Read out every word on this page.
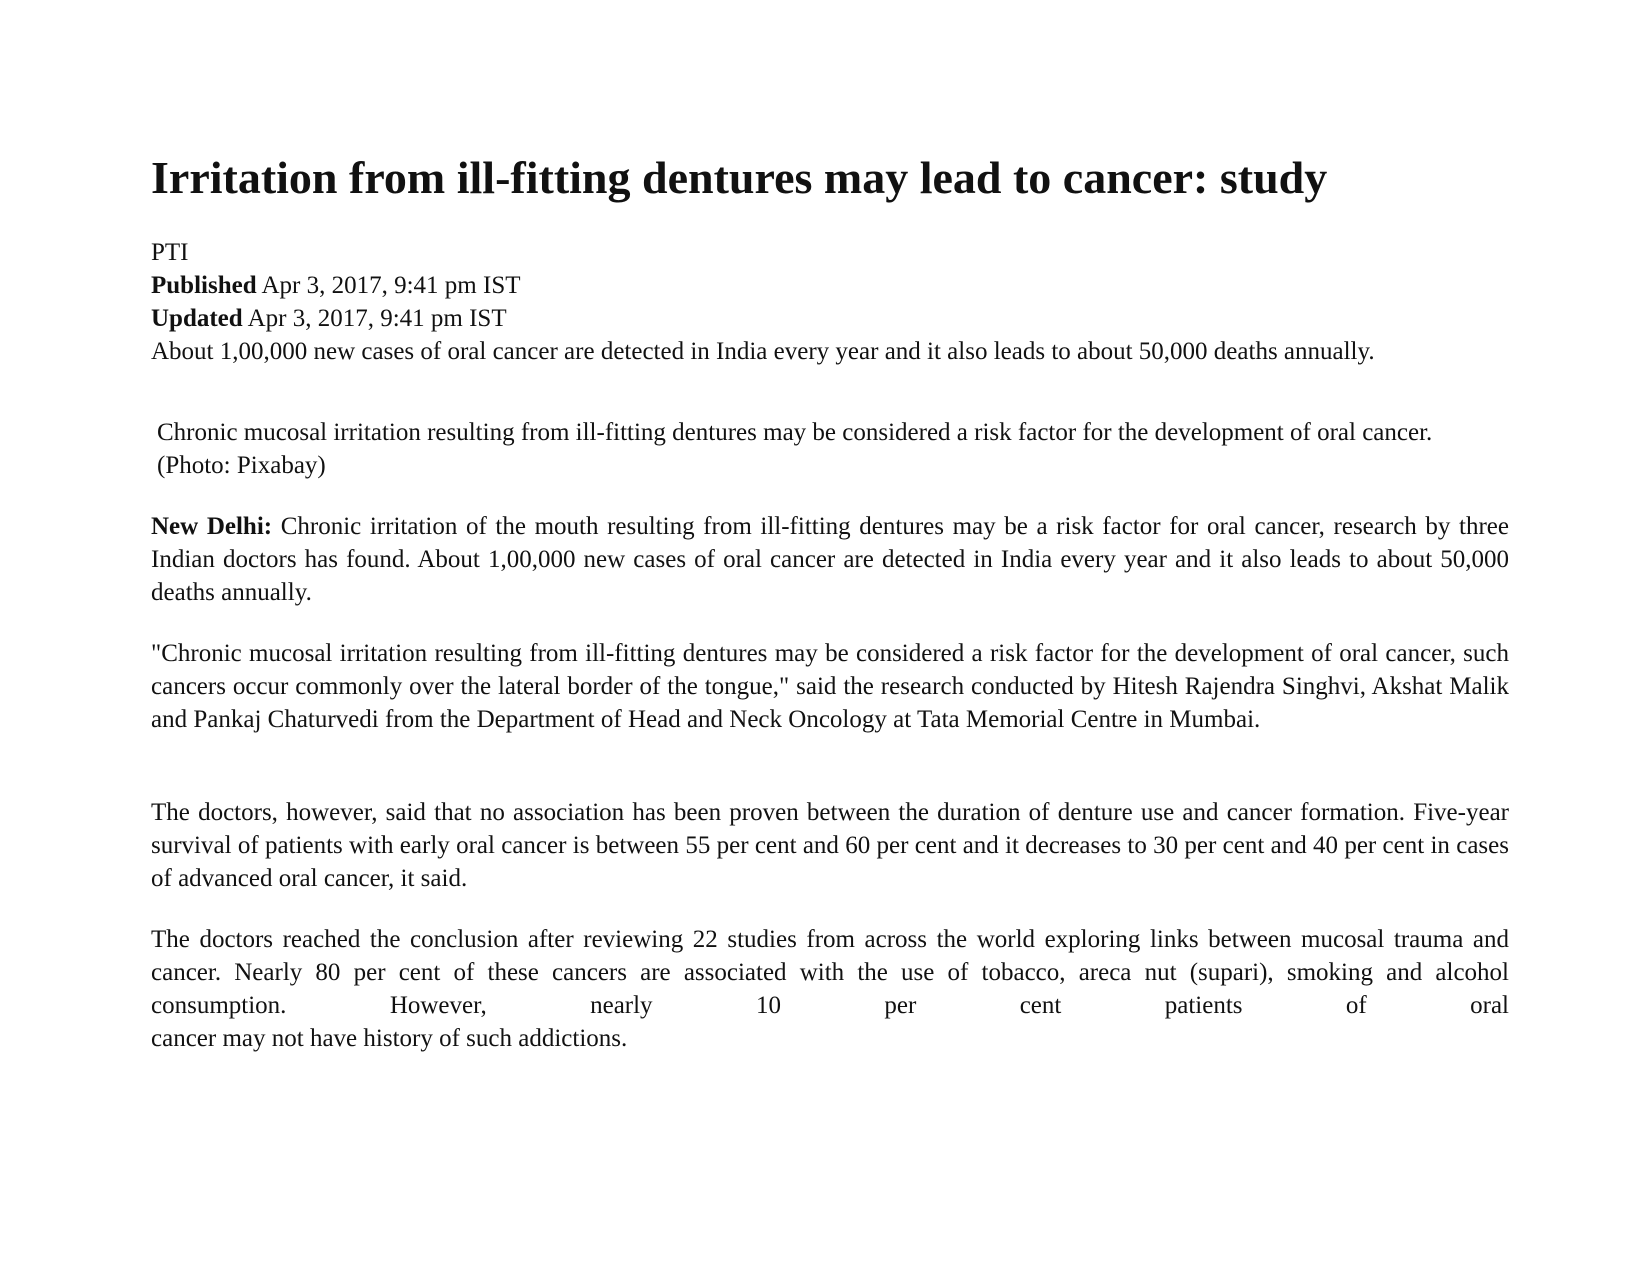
Irritation from ill-fitting dentures may lead to cancer: study
PTI
Published Apr 3, 2017, 9:41 pm IST
Updated Apr 3, 2017, 9:41 pm IST

About 1,00,000 new cases of oral cancer are detected in India every year and it also leads to about 50,000 deaths annually.

Chronic mucosal irritation resulting from ill-fitting dentures may be considered a risk factor for the development of oral cancer. (Photo: Pixabay)

New Delhi: Chronic irritation of the mouth resulting from ill-fitting dentures may be a risk factor for oral cancer, research by three Indian doctors has found. About 1,00,000 new cases of oral cancer are detected in India every year and it also leads to about 50,000 deaths annually.

"Chronic mucosal irritation resulting from ill-fitting dentures may be considered a risk factor for the development of oral cancer, such cancers occur commonly over the lateral border of the tongue," said the research conducted by Hitesh Rajendra Singhvi, Akshat Malik and Pankaj Chaturvedi from the Department of Head and Neck Oncology at Tata Memorial Centre in Mumbai.

The doctors, however, said that no association has been proven between the duration of denture use and cancer formation. Five-year survival of patients with early oral cancer is between 55 per cent and 60 per cent and it decreases to 30 per cent and 40 per cent in cases of advanced oral cancer, it said.

The doctors reached the conclusion after reviewing 22 studies from across the world exploring links between mucosal trauma and cancer. Nearly 80 per cent of these cancers are associated with the use of tobacco, areca nut (supari), smoking and alcohol consumption. However, nearly 10 per cent patients of oral
cancer may not have history of such addictions.
